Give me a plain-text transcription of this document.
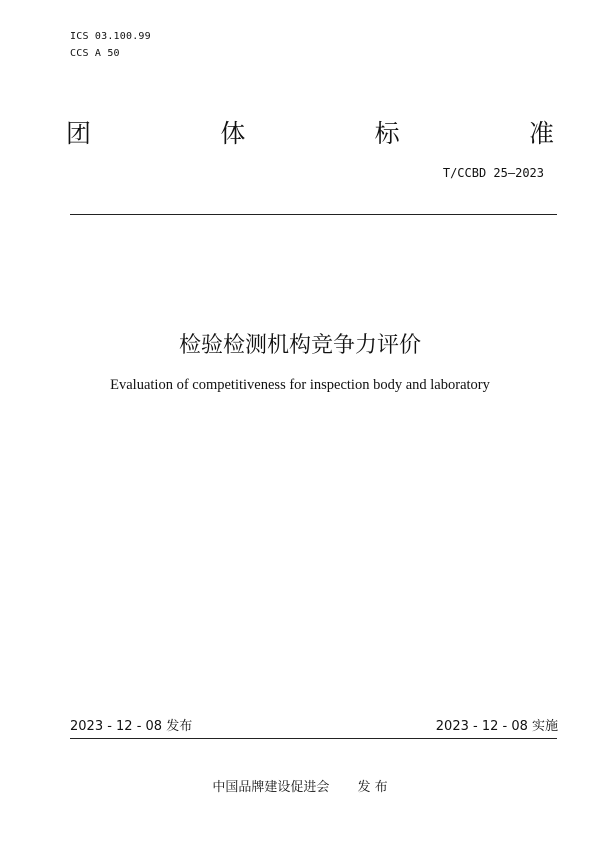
ICS 03.100.99
CCS A 50
团	体	标	准
T/CCBD 25—2023
检验检测机构竞争力评价
Evaluation of competitiveness for inspection body and laboratory
2023 - 12 - 08 发布	2023 - 12 - 08 实施
中国品牌建设促进会 发 布
